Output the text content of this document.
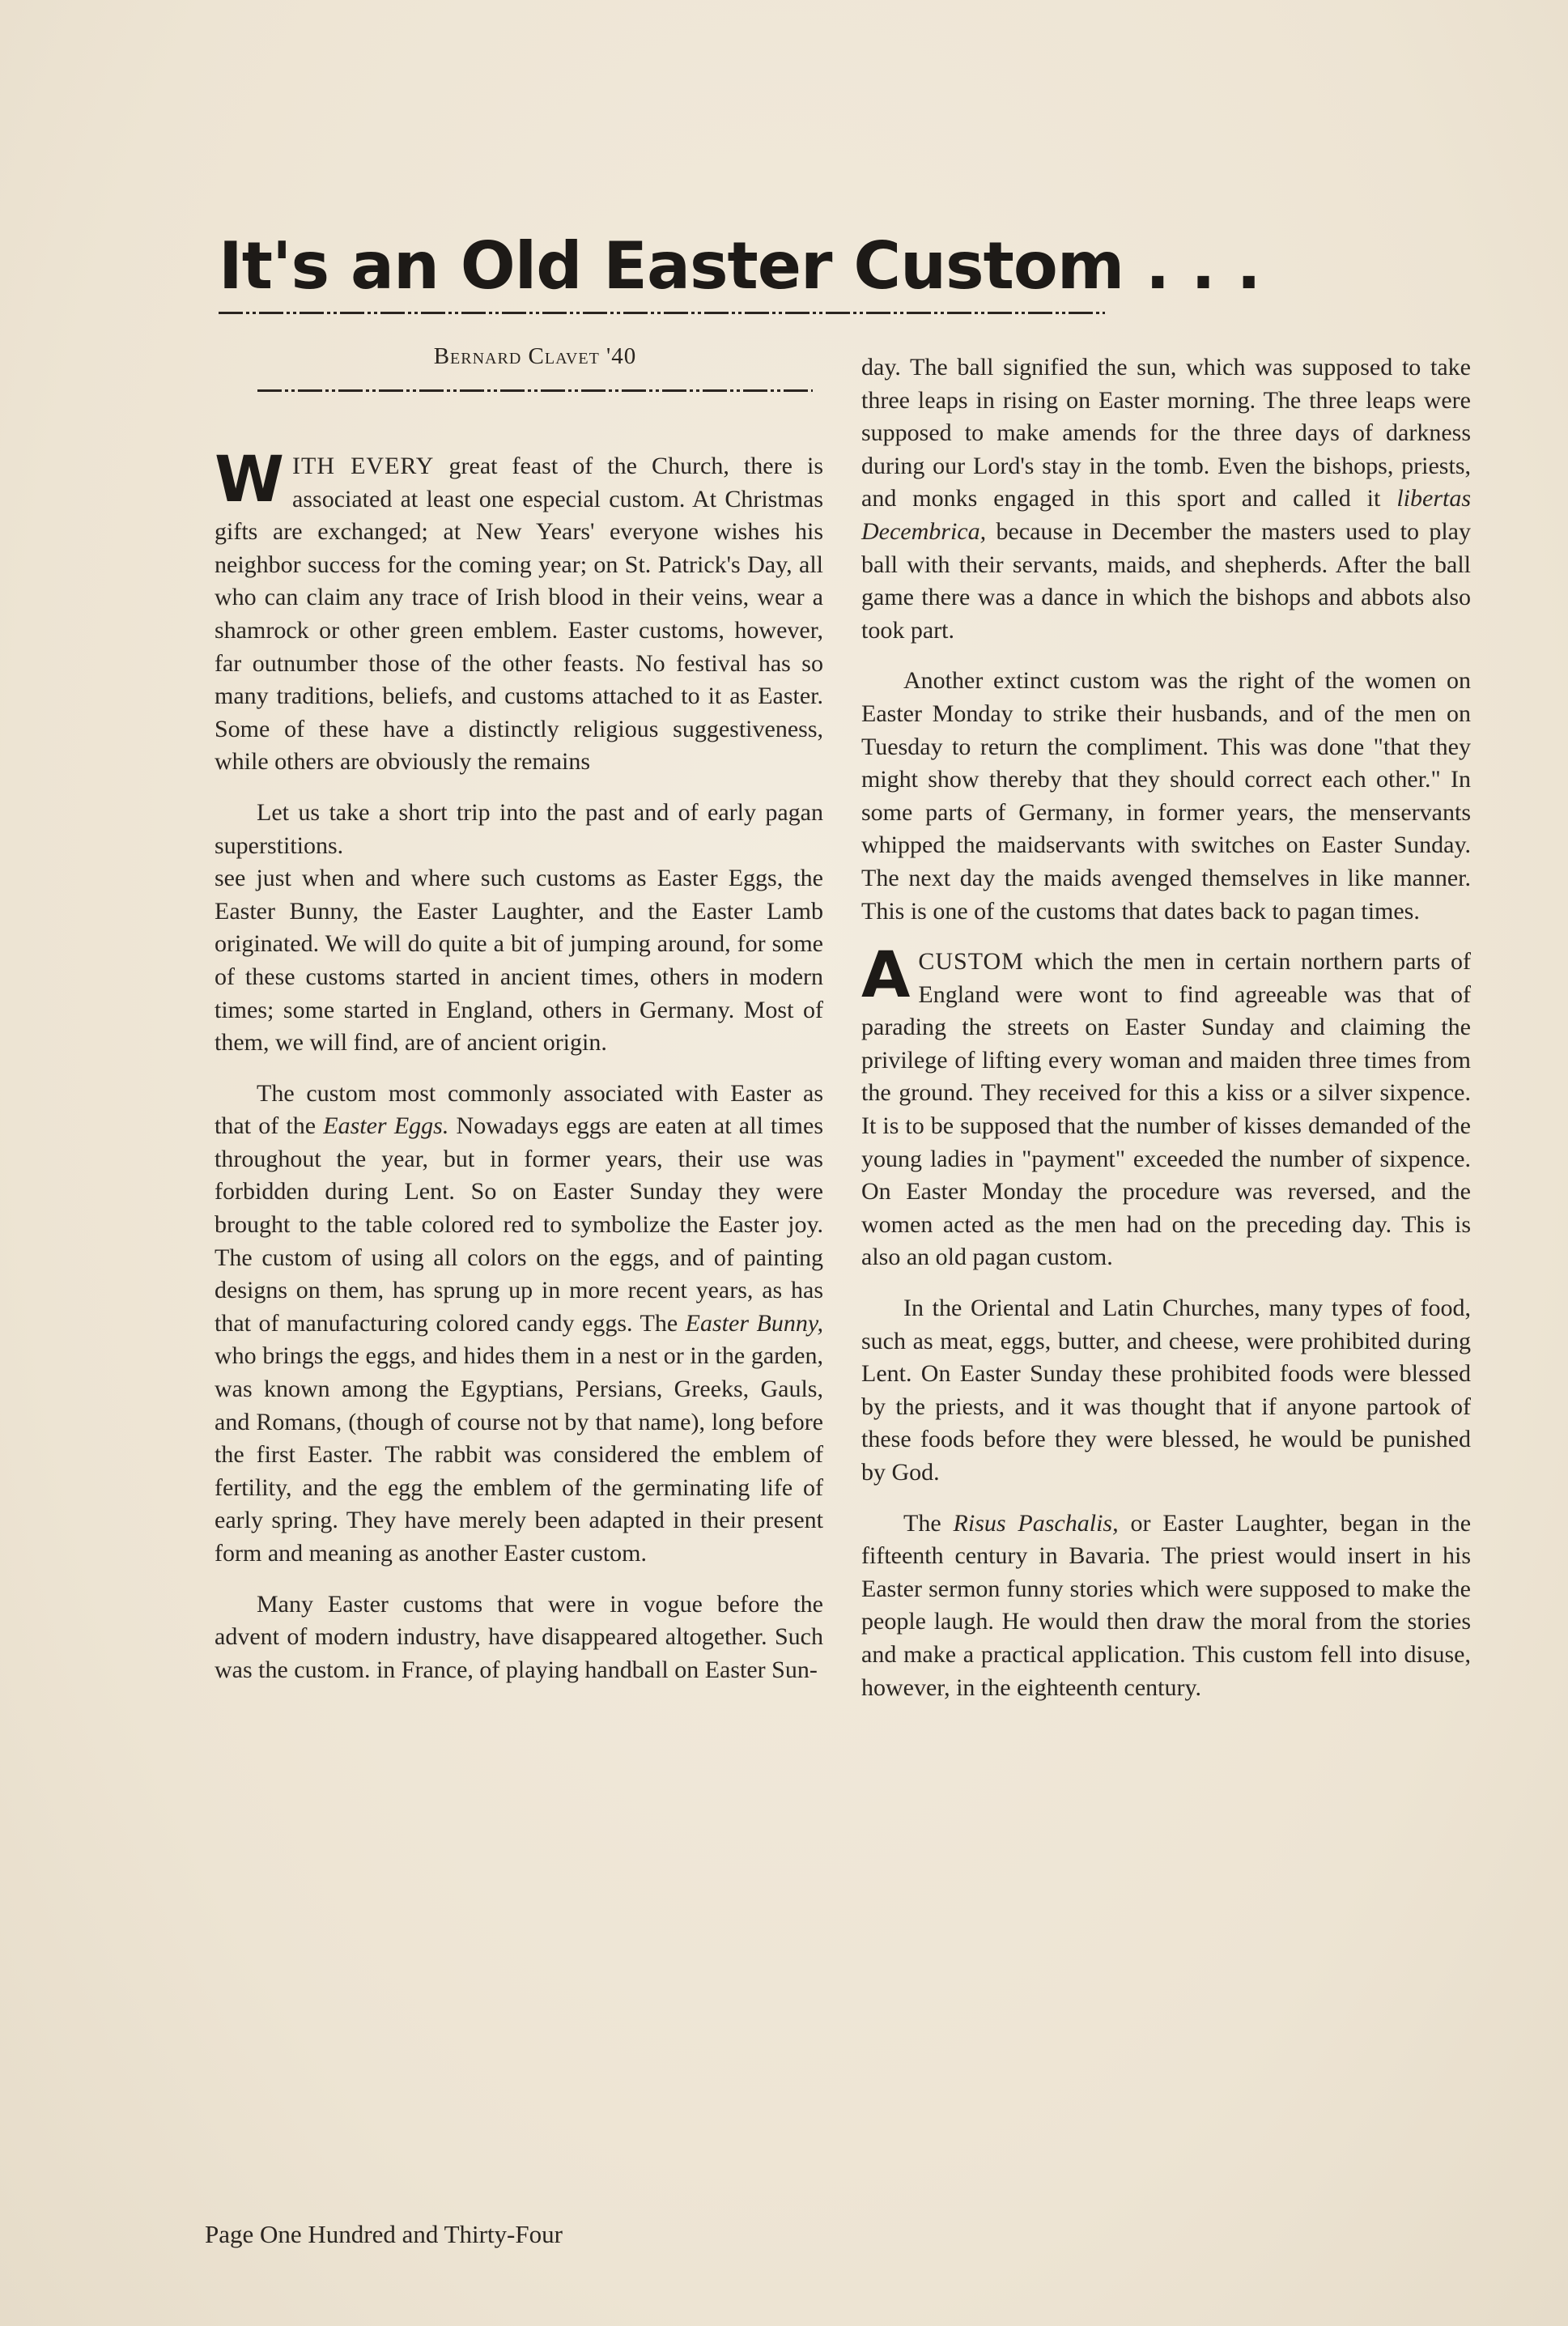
It's an Old Easter Custom . . .
Bernard Clavet '40

W ITH EVERY great feast of the Church, there is associated at least one especial custom. At Christmas gifts are exchanged; at New Years' everyone wishes his neighbor success for the coming year; on St. Patrick's Day, all who can claim any trace of Irish blood in their veins, wear a shamrock or other green emblem. Easter customs, however, far outnumber those of the other feasts. No festival has so many traditions, beliefs, and customs attached to it as Easter. Some of these have a distinctly religious suggestiveness, while others are obviously the remains

Let us take a short trip into the past and of early pagan superstitions.

see just when and where such customs as Easter Eggs, the Easter Bunny, the Easter Laughter, and the Easter Lamb originated. We will do quite a bit of jumping around, for some of these customs started in ancient times, others in modern times; some started in England, others in Germany. Most of them, we will find, are of ancient origin.

The custom most commonly associated with Easter as that of the Easter Eggs. Nowadays eggs are eaten at all times throughout the year, but in former years, their use was forbidden during Lent. So on Easter Sunday they were brought to the table colored red to symbolize the Easter joy. The custom of using all colors on the eggs, and of painting designs on them, has sprung up in more recent years, as has that of manufacturing colored candy eggs. The Easter Bunny, who brings the eggs, and hides them in a nest or in the garden, was known among the Egyptians, Persians, Greeks, Gauls, and Romans, (though of course not by that name), long before the first Easter. The rabbit was considered the emblem of fertility, and the egg the emblem of the germinating life of early spring. They have merely been adapted in their present form and meaning as another Easter custom.

Many Easter customs that were in vogue before the advent of modern industry, have disappeared altogether. Such was the custom. in France, of playing handball on Easter Sun-

day. The ball signified the sun, which was supposed to take three leaps in rising on Easter morning. The three leaps were supposed to make amends for the three days of darkness during our Lord's stay in the tomb. Even the bishops, priests, and monks engaged in this sport and called it libertas Decembrica, because in December the masters used to play ball with their servants, maids, and shepherds. After the ball game there was a dance in which the bishops and abbots also took part.

Another extinct custom was the right of the women on Easter Monday to strike their husbands, and of the men on Tuesday to return the compliment. This was done "that they might show thereby that they should correct each other." In some parts of Germany, in former years, the menservants whipped the maidservants with switches on Easter Sunday. The next day the maids avenged themselves in like manner. This is one of the customs that dates back to pagan times.

A CUSTOM which the men in certain northern parts of England were wont to find agreeable was that of parading the streets on Easter Sunday and claiming the privilege of lifting every woman and maiden three times from the ground. They received for this a kiss or a silver sixpence. It is to be supposed that the number of kisses demanded of the young ladies in "payment" exceeded the number of sixpence. On Easter Monday the procedure was reversed, and the women acted as the men had on the preceding day. This is also an old pagan custom.

In the Oriental and Latin Churches, many types of food, such as meat, eggs, butter, and cheese, were prohibited during Lent. On Easter Sunday these prohibited foods were blessed by the priests, and it was thought that if anyone partook of these foods before they were blessed, he would be punished by God.

The Risus Paschalis, or Easter Laughter, began in the fifteenth century in Bavaria. The priest would insert in his Easter sermon funny stories which were supposed to make the people laugh. He would then draw the moral from the stories and make a practical application. This custom fell into disuse, however, in the eighteenth century.

Page One Hundred and Thirty-Four
